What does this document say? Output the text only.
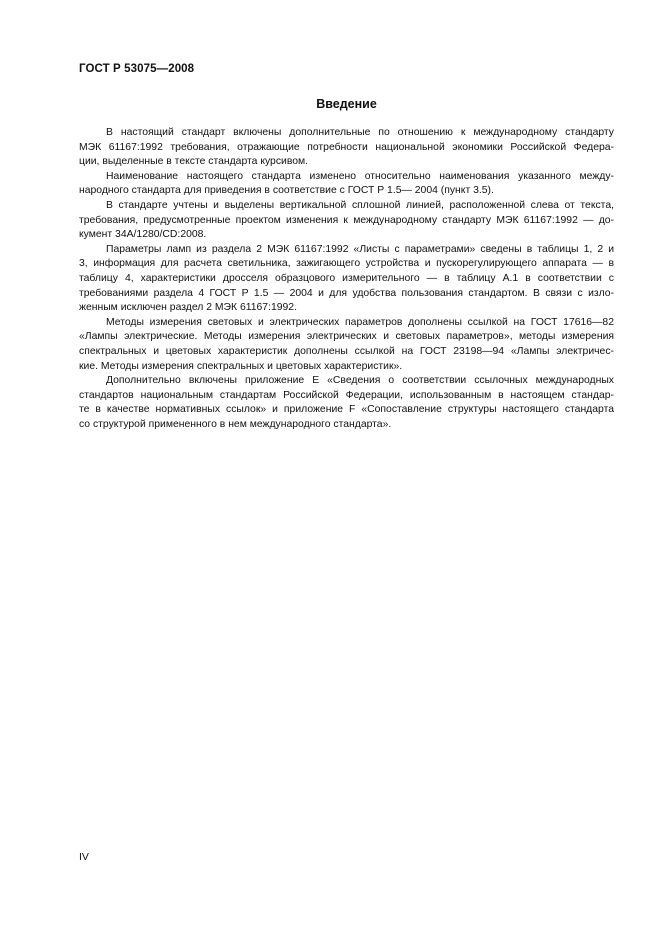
ГОСТ Р 53075—2008
Введение
В настоящий стандарт включены дополнительные по отношению к международному стандарту
МЭК 61167:1992 требования, отражающие потребности национальной экономики Российской Федера-
ции, выделенные в тексте стандарта курсивом.
Наименование настоящего стандарта изменено относительно наименования указанного между-
народного стандарта для приведения в соответствие с ГОСТ Р 1.5— 2004 (пункт 3.5).
В стандарте учтены и выделены вертикальной сплошной линией, расположенной слева от текста,
требования, предусмотренные проектом изменения к международному стандарту МЭК 61167:1992 — до-
кумент 34А/1280/CD:2008.
Параметры ламп из раздела 2 МЭК 61167:1992 «Листы с параметрами» сведены в таблицы 1, 2 и
3, информация для расчета светильника, зажигающего устройства и пускорегулирующего аппарата — в
таблицу 4, характеристики дросселя образцового измерительного — в таблицу А.1 в соответствии с
требованиями раздела 4 ГОСТ Р 1.5 — 2004 и для удобства пользования стандартом. В связи с изло-
женным исключен раздел 2 МЭК 61167:1992.
Методы измерения световых и электрических параметров дополнены ссылкой на ГОСТ 17616—82
«Лампы электрические. Методы измерения электрических и световых параметров», методы измерения
спектральных и цветовых характеристик дополнены ссылкой на ГОСТ 23198—94 «Лампы электричес-
кие. Методы измерения спектральных и цветовых характеристик».
Дополнительно включены приложение Е «Сведения о соответствии ссылочных международных
стандартов национальным стандартам Российской Федерации, использованным в настоящем стандар-
те в качестве нормативных ссылок» и приложение F «Сопоставление структуры настоящего стандарта
со структурой примененного в нем международного стандарта».
IV
